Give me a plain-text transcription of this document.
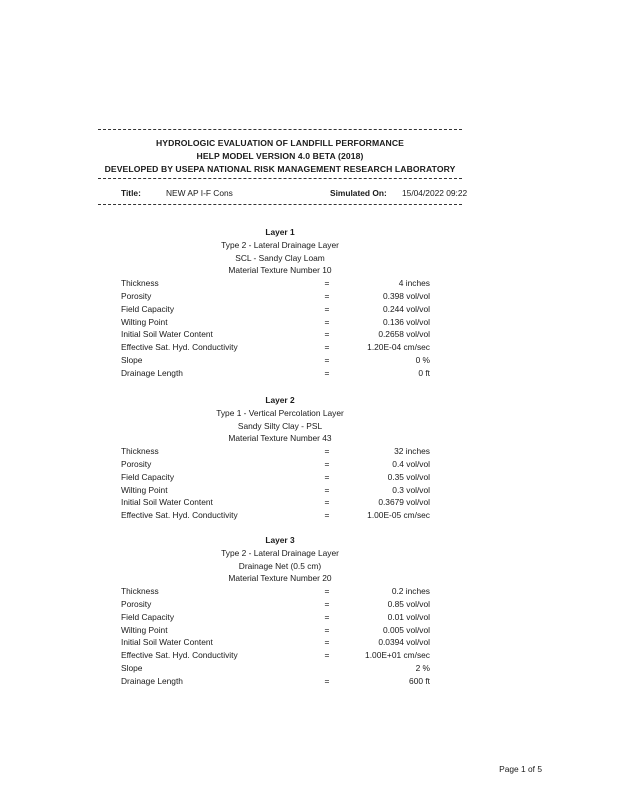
HYDROLOGIC EVALUATION OF LANDFILL PERFORMANCE
HELP MODEL VERSION 4.0 BETA (2018)
DEVELOPED BY USEPA NATIONAL RISK MANAGEMENT RESEARCH LABORATORY
Title:	NEW AP I-F Cons	Simulated On: 15/04/2022 09:22
Layer 1
Type 2 - Lateral Drainage Layer
SCL - Sandy Clay Loam
Material Texture Number 10
Thickness	=	4 inches
Porosity	=	0.398 vol/vol
Field Capacity	=	0.244 vol/vol
Wilting Point	=	0.136 vol/vol
Initial Soil Water Content	=	0.2658 vol/vol
Effective Sat. Hyd. Conductivity	=	1.20E-04 cm/sec
Slope	=	0 %
Drainage Length	=	0 ft
Layer 2
Type 1 - Vertical Percolation Layer
Sandy Silty Clay - PSL
Material Texture Number 43
Thickness	=	32 inches
Porosity	=	0.4 vol/vol
Field Capacity	=	0.35 vol/vol
Wilting Point	=	0.3 vol/vol
Initial Soil Water Content	=	0.3679 vol/vol
Effective Sat. Hyd. Conductivity	=	1.00E-05 cm/sec
Layer 3
Type 2 - Lateral Drainage Layer
Drainage Net (0.5 cm)
Material Texture Number 20
Thickness	=	0.2 inches
Porosity	=	0.85 vol/vol
Field Capacity	=	0.01 vol/vol
Wilting Point	=	0.005 vol/vol
Initial Soil Water Content	=	0.0394 vol/vol
Effective Sat. Hyd. Conductivity	=	1.00E+01 cm/sec
Slope	2 %
Drainage Length	=	600 ft
Page 1 of 5
